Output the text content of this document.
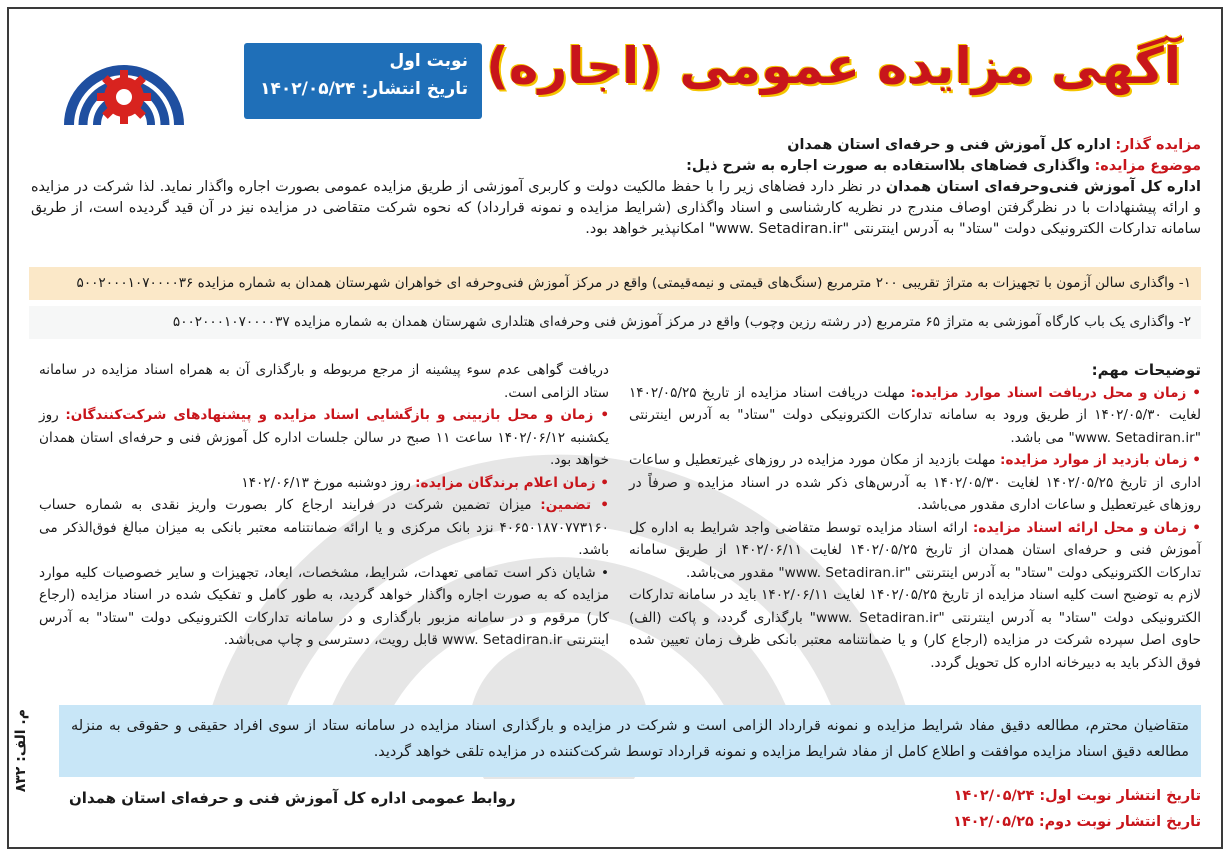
آگهی مزایده عمومی (اجاره)
نوبت اول
تاریخ انتشار: ۱۴۰۲/۰۵/۲۴
مزایده گذار: اداره کل آموزش فنی و حرفه‌ای استان همدان
موضوع مزایده: واگذاری فضاهای بلااستفاده به صورت اجاره به شرح ذیل:
اداره کل آموزش فنی‌وحرفه‌ای استان همدان در نظر دارد فضاهای زیر را با حفظ مالکیت دولت و کاربری آموزشی از طریق مزایده عمومی بصورت اجاره واگذار نماید. لذا شرکت در مزایده و ارائه پیشنهادات با در نظرگرفتن اوصاف مندرج در نظریه کارشناسی و اسناد واگذاری (شرایط مزایده و نمونه قرارداد) که نحوه شرکت متقاضی در مزایده نیز در آن قید گردیده است، از طریق سامانه تدارکات الکترونیکی دولت "ستاد" به آدرس اینترنتی "www. Setadiran.ir" امکانپذیر خواهد بود.
۱- واگذاری سالن آزمون با تجهیزات به متراژ تقریبی ۲۰۰ مترمربع (سنگ‌های قیمتی و نیمه‌قیمتی) واقع در مرکز آموزش فنی‌وحرفه ای خواهران شهرستان همدان به شماره مزایده ۵۰۰۲۰۰۰۱۰۷۰۰۰۰۳۶
۲- واگذاری یک باب کارگاه آموزشی به متراژ ۶۵ مترمربع (در رشته رزین وچوب) واقع در مرکز آموزش فنی وحرفه‌ای هتلداری شهرستان همدان به شماره مزایده ۵۰۰۲۰۰۰۱۰۷۰۰۰۰۳۷

توضیحات مهم:

• زمان و محل دریافت اسناد موارد مزایده: مهلت دریافت اسناد مزایده از تاریخ ۱۴۰۲/۰۵/۲۵ لغایت ۱۴۰۲/۰۵/۳۰ از طریق ورود به سامانه تدارکات الکترونیکی دولت "ستاد" به آدرس اینترنتی "www. Setadiran.ir" می باشد.

• زمان بازدید از موارد مزایده: مهلت بازدید از مکان مورد مزایده در روزهای غیرتعطیل و ساعات اداری از تاریخ ۱۴۰۲/۰۵/۲۵ لغایت ۱۴۰۲/۰۵/۳۰ به آدرس‌های ذکر شده در اسناد مزایده و صرفاً در روزهای غیرتعطیل و ساعات اداری مقدور می‌باشد.

• زمان و محل ارائه اسناد مزایده: ارائه اسناد مزایده توسط متقاضی واجد شرایط به اداره کل آموزش فنی و حرفه‌ای استان همدان از تاریخ ۱۴۰۲/۰۵/۲۵ لغایت ۱۴۰۲/۰۶/۱۱ از طریق سامانه تدارکات الکترونیکی دولت "ستاد" به آدرس اینترنتی "www. Setadiran.ir" مقدور می‌باشد.

لازم به توضیح است کلیه اسناد مزایده از تاریخ ۱۴۰۲/۰۵/۲۵ لغایت ۱۴۰۲/۰۶/۱۱ باید در سامانه تدارکات الکترونیکی دولت "ستاد" به آدرس اینترنتی "www. Setadiran.ir" بارگذاری گردد، و پاکت (الف) حاوی اصل سپرده شرکت در مزایده (ارجاع کار) و یا ضمانتنامه معتبر بانکی ظرف زمان تعیین شده فوق الذکر باید به دبیرخانه اداره کل تحویل گردد.

دریافت گواهی عدم سوء پیشینه از مرجع مربوطه و بارگذاری آن به همراه اسناد مزایده در سامانه ستاد الزامی است.

• زمان و محل بازبینی و بازگشایی اسناد مزایده و پیشنهادهای شرکت‌کنندگان: روز یکشنبه ۱۴۰۲/۰۶/۱۲ ساعت ۱۱ صبح در سالن جلسات اداره کل آموزش فنی و حرفه‌ای استان همدان خواهد بود.

• زمان اعلام برندگان مزایده: روز دوشنبه مورخ ۱۴۰۲/۰۶/۱۳

• تضمین: میزان تضمین شرکت در فرایند ارجاع کار بصورت واریز نقدی به شماره حساب ۴۰۶۵۰۱۸۷۰۷۷۳۱۶۰ نزد بانک مرکزی و یا ارائه ضمانتنامه معتبر بانکی به میزان مبالغ فوق‌الذکر می باشد.

• شایان ذکر است تمامی تعهدات، شرایط، مشخصات، ابعاد، تجهیزات و سایر خصوصیات کلیه موارد مزایده که به صورت اجاره واگذار خواهد گردید، به طور کامل و تفکیک شده در اسناد مزایده (ارجاع کار) مرقوم و در سامانه مزبور بارگذاری و در سامانه تدارکات الکترونیکی دولت "ستاد" به آدرس اینترنتی www. Setadiran.ir قابل رویت، دسترسی و چاپ می‌باشد.

متقاضیان محترم، مطالعه دقیق مفاد شرایط مزایده و نمونه قرارداد الزامی است و شرکت در مزایده و بارگذاری اسناد مزایده در سامانه ستاد از سوی افراد حقیقی و حقوقی به منزله مطالعه دقیق اسناد مزایده موافقت و اطلاع کامل از مفاد شرایط مزایده و نمونه قرارداد توسط شرکت‌کننده در مزایده تلقی خواهد گردید.
م. الف: ۸۳۲
تاریخ انتشار نوبت اول: ۱۴۰۲/۰۵/۲۴
تاریخ انتشار نوبت دوم: ۱۴۰۲/۰۵/۲۵
روابط عمومی اداره کل آموزش فنی و حرفه‌ای استان همدان
